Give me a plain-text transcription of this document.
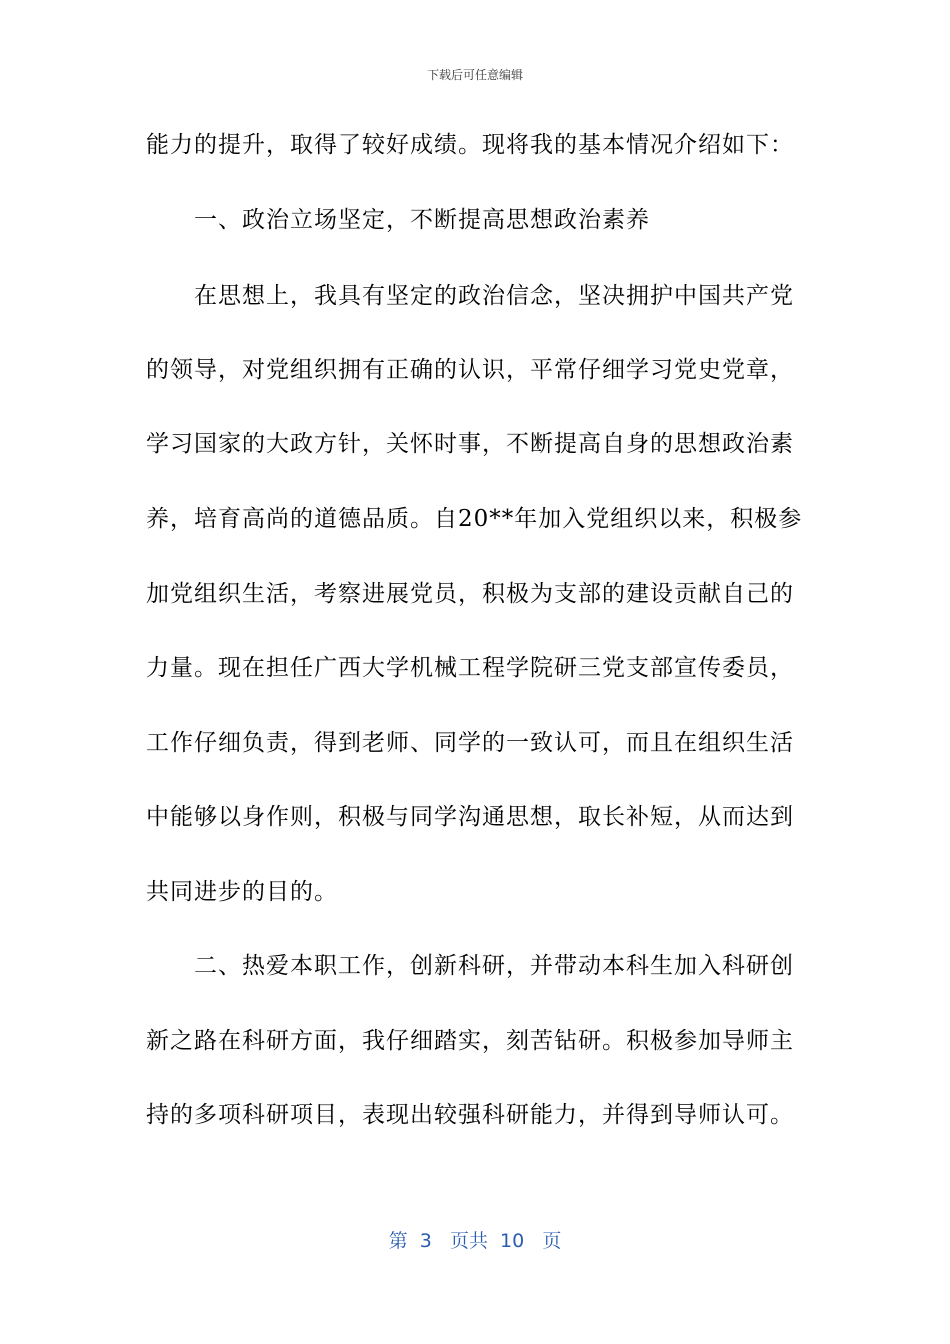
下载后可任意编辑
能力的提升，取得了较好成绩。现将我的基本情况介绍如下：
一、政治立场坚定，不断提高思想政治素养
在思想上，我具有坚定的政治信念，坚决拥护中国共产党
的领导，对党组织拥有正确的认识，平常仔细学习党史党章，
学习国家的大政方针，关怀时事，不断提高自身的思想政治素
养，培育高尚的道德品质。自20**年加入党组织以来，积极参
加党组织生活，考察进展党员，积极为支部的建设贡献自己的
力量。现在担任广西大学机械工程学院研三党支部宣传委员，
工作仔细负责，得到老师、同学的一致认可，而且在组织生活
中能够以身作则，积极与同学沟通思想，取长补短，从而达到
共同进步的目的。
二、热爱本职工作，创新科研，并带动本科生加入科研创
新之路在科研方面，我仔细踏实，刻苦钻研。积极参加导师主
持的多项科研项目，表现出较强科研能力，并得到导师认可。
第  3   页共  10   页
